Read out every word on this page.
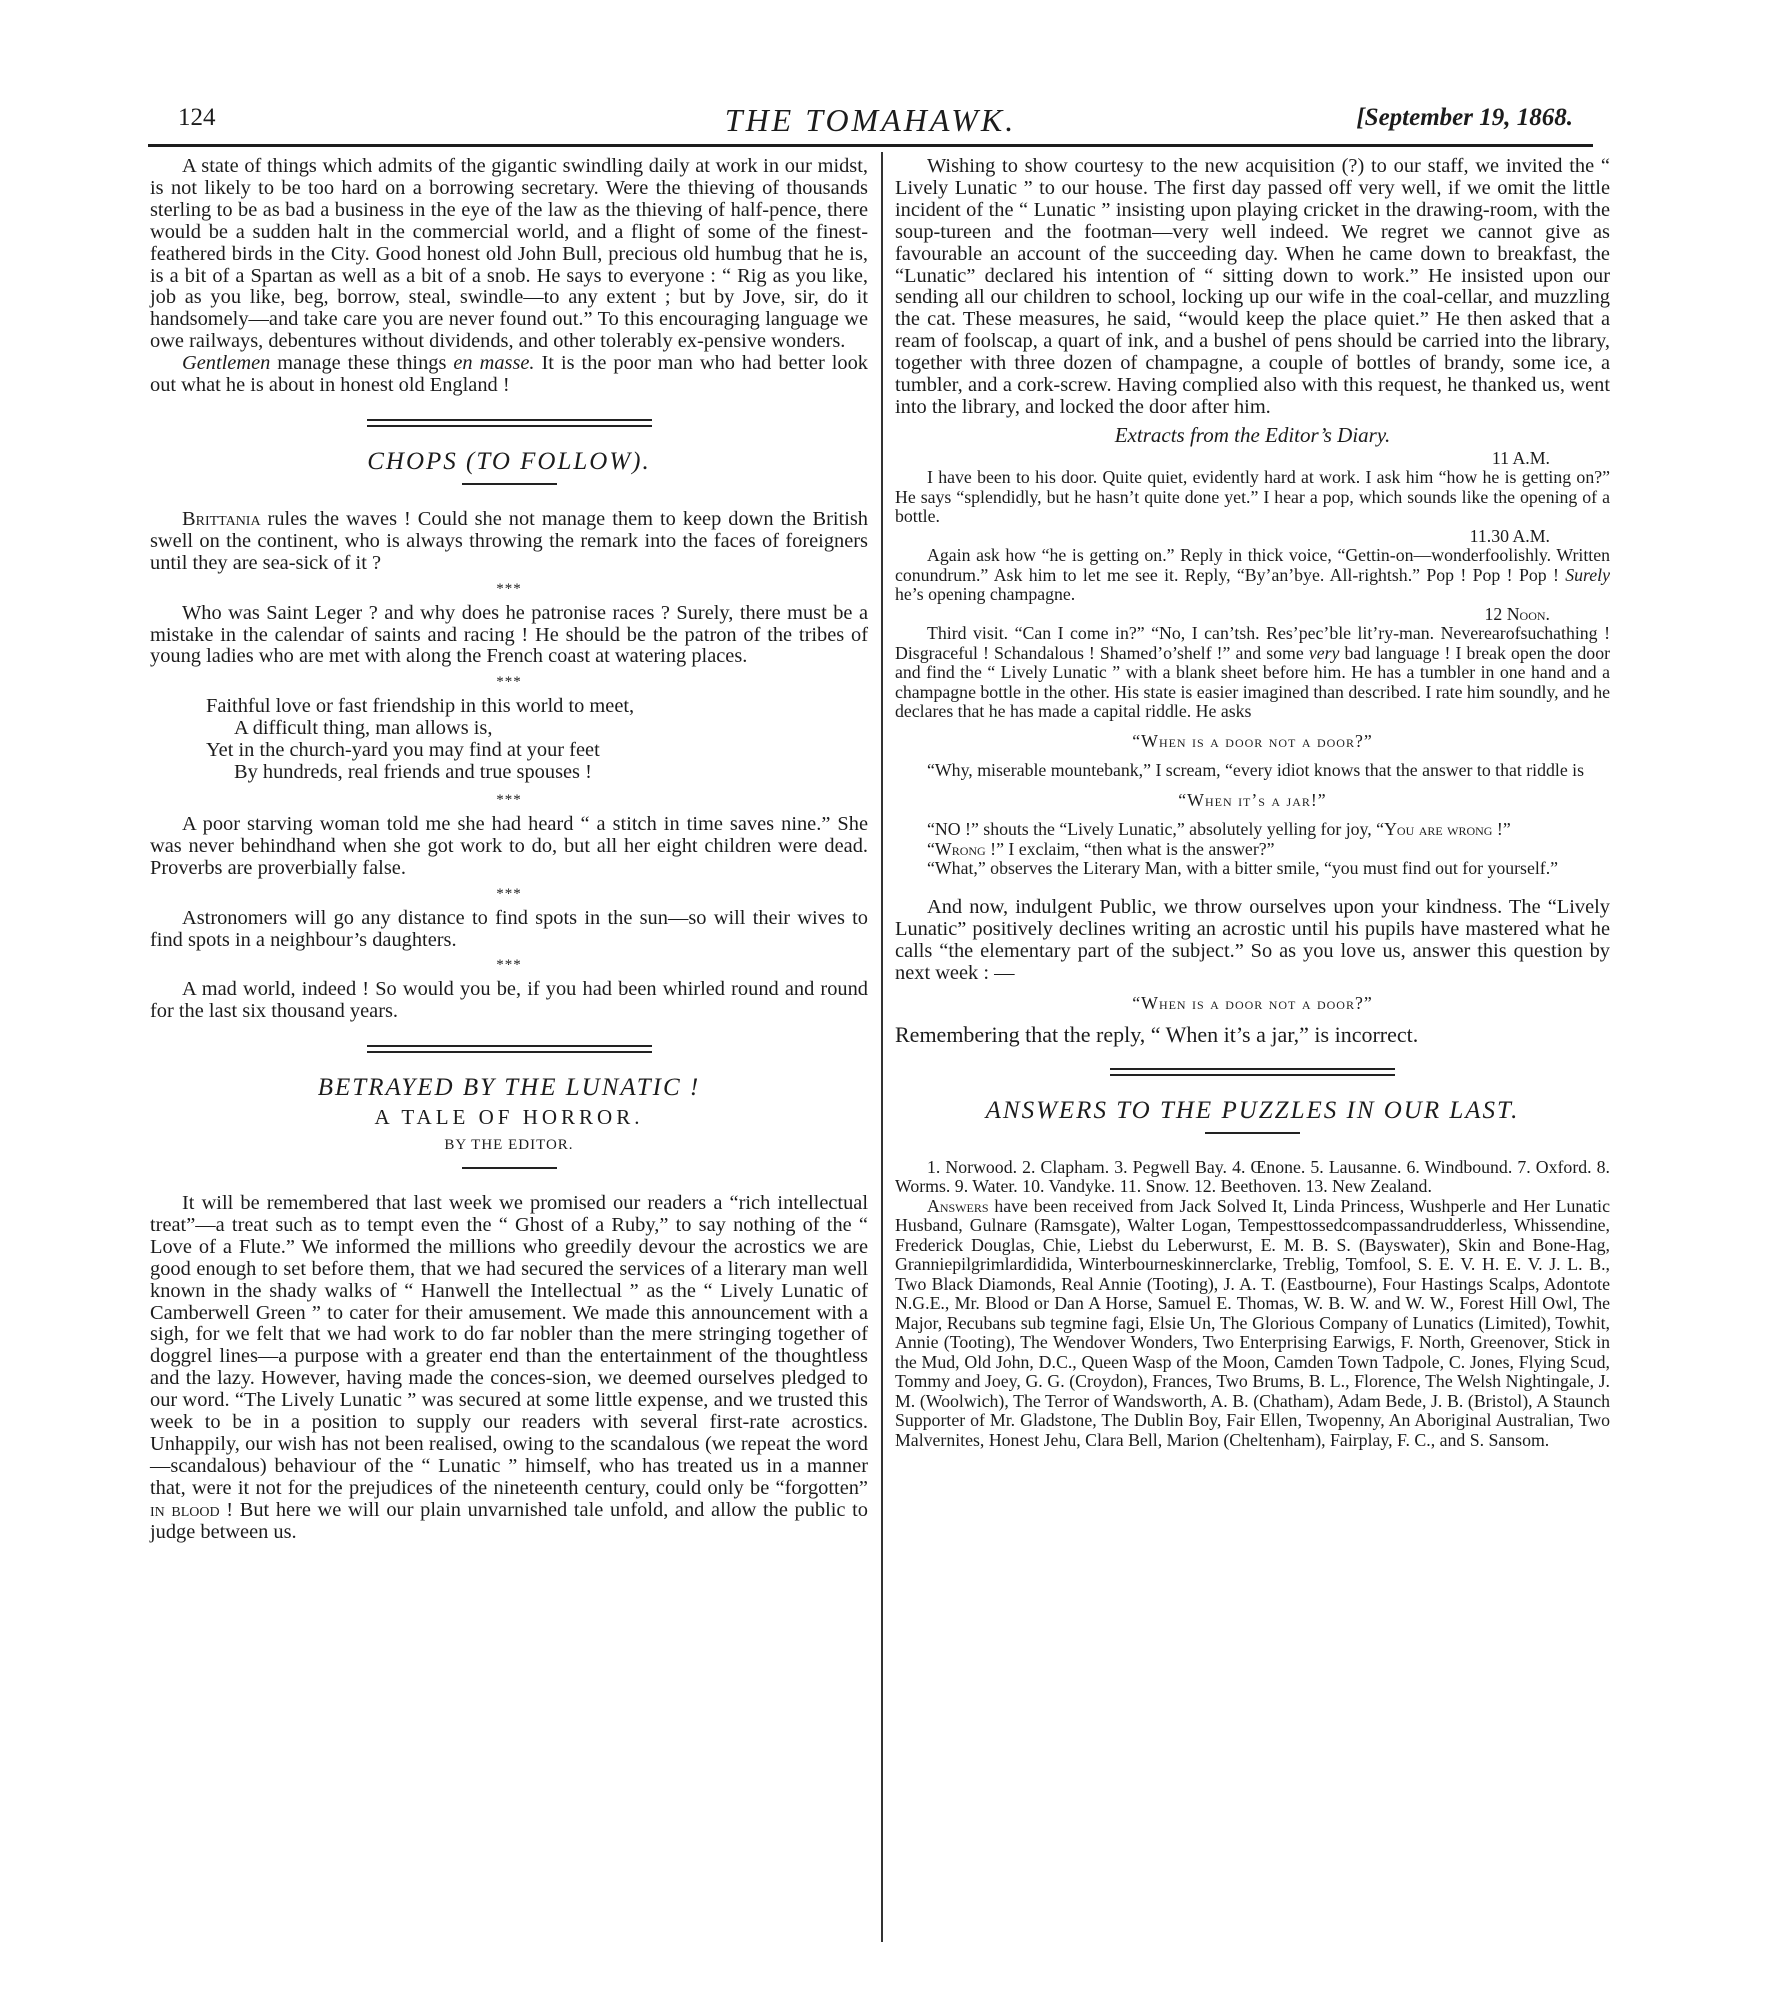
124	THE TOMAHAWK.	[September 19, 1868.

A state of things which admits of the gigantic swindling daily at work in our midst, is not likely to be too hard on a borrowing secretary. Were the thieving of thousands sterling to be as bad a business in the eye of the law as the thieving of half-pence, there would be a sudden halt in the commercial world, and a flight of some of the finest-feathered birds in the City. Good honest old John Bull, precious old humbug that he is, is a bit of a Spartan as well as a bit of a snob. He says to everyone : “ Rig as you like, job as you like, beg, borrow, steal, swindle—to any extent ; but by Jove, sir, do it handsomely—and take care you are never found out.” To this encouraging language we owe railways, debentures without dividends, and other tolerably ex-pensive wonders.

Gentlemen manage these things en masse. It is the poor man who had better look out what he is about in honest old England !

CHOPS (TO FOLLOW).

Brittania rules the waves ! Could she not manage them to keep down the British swell on the continent, who is always throwing the remark into the faces of foreigners until they are sea-sick of it ?

***

Who was Saint Leger ? and why does he patronise races ? Surely, there must be a mistake in the calendar of saints and racing ! He should be the patron of the tribes of young ladies who are met with along the French coast at watering places.

***
Faithful love or fast friendship in this world to meet,
A difficult thing, man allows is,
Yet in the church-yard you may find at your feet
By hundreds, real friends and true spouses !
***

A poor starving woman told me she had heard “ a stitch in time saves nine.” She was never behindhand when she got work to do, but all her eight children were dead. Proverbs are proverbially false.

***

Astronomers will go any distance to find spots in the sun—so will their wives to find spots in a neighbour’s daughters.

***

A mad world, indeed ! So would you be, if you had been whirled round and round for the last six thousand years.

BETRAYED BY THE LUNATIC !
A TALE OF HORROR.
BY THE EDITOR.

It will be remembered that last week we promised our readers a “rich intellectual treat”—a treat such as to tempt even the “ Ghost of a Ruby,” to say nothing of the “ Love of a Flute.” We informed the millions who greedily devour the acrostics we are good enough to set before them, that we had secured the services of a literary man well known in the shady walks of “ Hanwell the Intellectual ” as the “ Lively Lunatic of Camberwell Green ” to cater for their amusement. We made this announcement with a sigh, for we felt that we had work to do far nobler than the mere stringing together of doggrel lines—a purpose with a greater end than the entertainment of the thoughtless and the lazy. However, having made the conces-sion, we deemed ourselves pledged to our word. “The Lively Lunatic ” was secured at some little expense, and we trusted this week to be in a position to supply our readers with several first-rate acrostics. Unhappily, our wish has not been realised, owing to the scandalous (we repeat the word—scandalous) behaviour of the “ Lunatic ” himself, who has treated us in a manner that, were it not for the prejudices of the nineteenth century, could only be “forgotten” in blood ! But here we will our plain unvarnished tale unfold, and allow the public to judge between us.

Wishing to show courtesy to the new acquisition (?) to our staff, we invited the “ Lively Lunatic ” to our house. The first day passed off very well, if we omit the little incident of the “ Lunatic ” insisting upon playing cricket in the drawing-room, with the soup-tureen and the footman—very well indeed. We regret we cannot give as favourable an account of the succeeding day. When he came down to breakfast, the “Lunatic” declared his intention of “ sitting down to work.” He insisted upon our sending all our children to school, locking up our wife in the coal-cellar, and muzzling the cat. These measures, he said, “would keep the place quiet.” He then asked that a ream of foolscap, a quart of ink, and a bushel of pens should be carried into the library, together with three dozen of champagne, a couple of bottles of brandy, some ice, a tumbler, and a cork-screw. Having complied also with this request, he thanked us, went into the library, and locked the door after him.

Extracts from the Editor’s Diary.
11 A.M.

I have been to his door. Quite quiet, evidently hard at work. I ask him “how he is getting on?” He says “splendidly, but he hasn’t quite done yet.” I hear a pop, which sounds like the opening of a bottle.

11.30 A.M.

Again ask how “he is getting on.” Reply in thick voice, “Gettin-on—wonderfoolishly. Written conundrum.” Ask him to let me see it. Reply, “By’an’bye. All-rightsh.” Pop ! Pop ! Pop ! Surely he’s opening champagne.

12 Noon.

Third visit. “Can I come in?” “No, I can’tsh. Res’pec’ble lit’ry-man. Neverearofsuchathing ! Disgraceful ! Schandalous ! Shamed’o’shelf !” and some very bad language ! I break open the door and find the “ Lively Lunatic ” with a blank sheet before him. He has a tumbler in one hand and a champagne bottle in the other. His state is easier imagined than described. I rate him soundly, and he declares that he has made a capital riddle. He asks

“When is a door not a door?”

“Why, miserable mountebank,” I scream, “every idiot knows that the answer to that riddle is

“When it’s a jar!”

“NO !” shouts the “Lively Lunatic,” absolutely yelling for joy, “You are wrong !”

“Wrong !” I exclaim, “then what is the answer?”

“What,” observes the Literary Man, with a bitter smile, “you must find out for yourself.”

And now, indulgent Public, we throw ourselves upon your kindness. The “Lively Lunatic” positively declines writing an acrostic until his pupils have mastered what he calls “the elementary part of the subject.” So as you love us, answer this question by next week : —

“When is a door not a door?”

Remembering that the reply, “ When it’s a jar,” is incorrect.

ANSWERS TO THE PUZZLES IN OUR LAST.

1. Norwood. 2. Clapham. 3. Pegwell Bay. 4. Œnone. 5. Lausanne. 6. Windbound. 7. Oxford. 8. Worms. 9. Water. 10. Vandyke. 11. Snow. 12. Beethoven. 13. New Zealand.

Answers have been received from Jack Solved It, Linda Princess, Wushperle and Her Lunatic Husband, Gulnare (Ramsgate), Walter Logan, Tempesttossedcompassandrudderless, Whissendine, Frederick Douglas, Chie, Liebst du Leberwurst, E. M. B. S. (Bayswater), Skin and Bone-Hag, Granniepilgrimlardidida, Winterbourneskinnerclarke, Treblig, Tomfool, S. E. V. H. E. V. J. L. B., Two Black Diamonds, Real Annie (Tooting), J. A. T. (Eastbourne), Four Hastings Scalps, Adontote N.G.E., Mr. Blood or Dan A Horse, Samuel E. Thomas, W. B. W. and W. W., Forest Hill Owl, The Major, Recubans sub tegmine fagi, Elsie Un, The Glorious Company of Lunatics (Limited), Towhit, Annie (Tooting), The Wendover Wonders, Two Enterprising Earwigs, F. North, Greenover, Stick in the Mud, Old John, D.C., Queen Wasp of the Moon, Camden Town Tadpole, C. Jones, Flying Scud, Tommy and Joey, G. G. (Croydon), Frances, Two Brums, B. L., Florence, The Welsh Nightingale, J. M. (Woolwich), The Terror of Wandsworth, A. B. (Chatham), Adam Bede, J. B. (Bristol), A Staunch Supporter of Mr. Gladstone, The Dublin Boy, Fair Ellen, Twopenny, An Aboriginal Australian, Two Malvernites, Honest Jehu, Clara Bell, Marion (Cheltenham), Fairplay, F. C., and S. Sansom.
